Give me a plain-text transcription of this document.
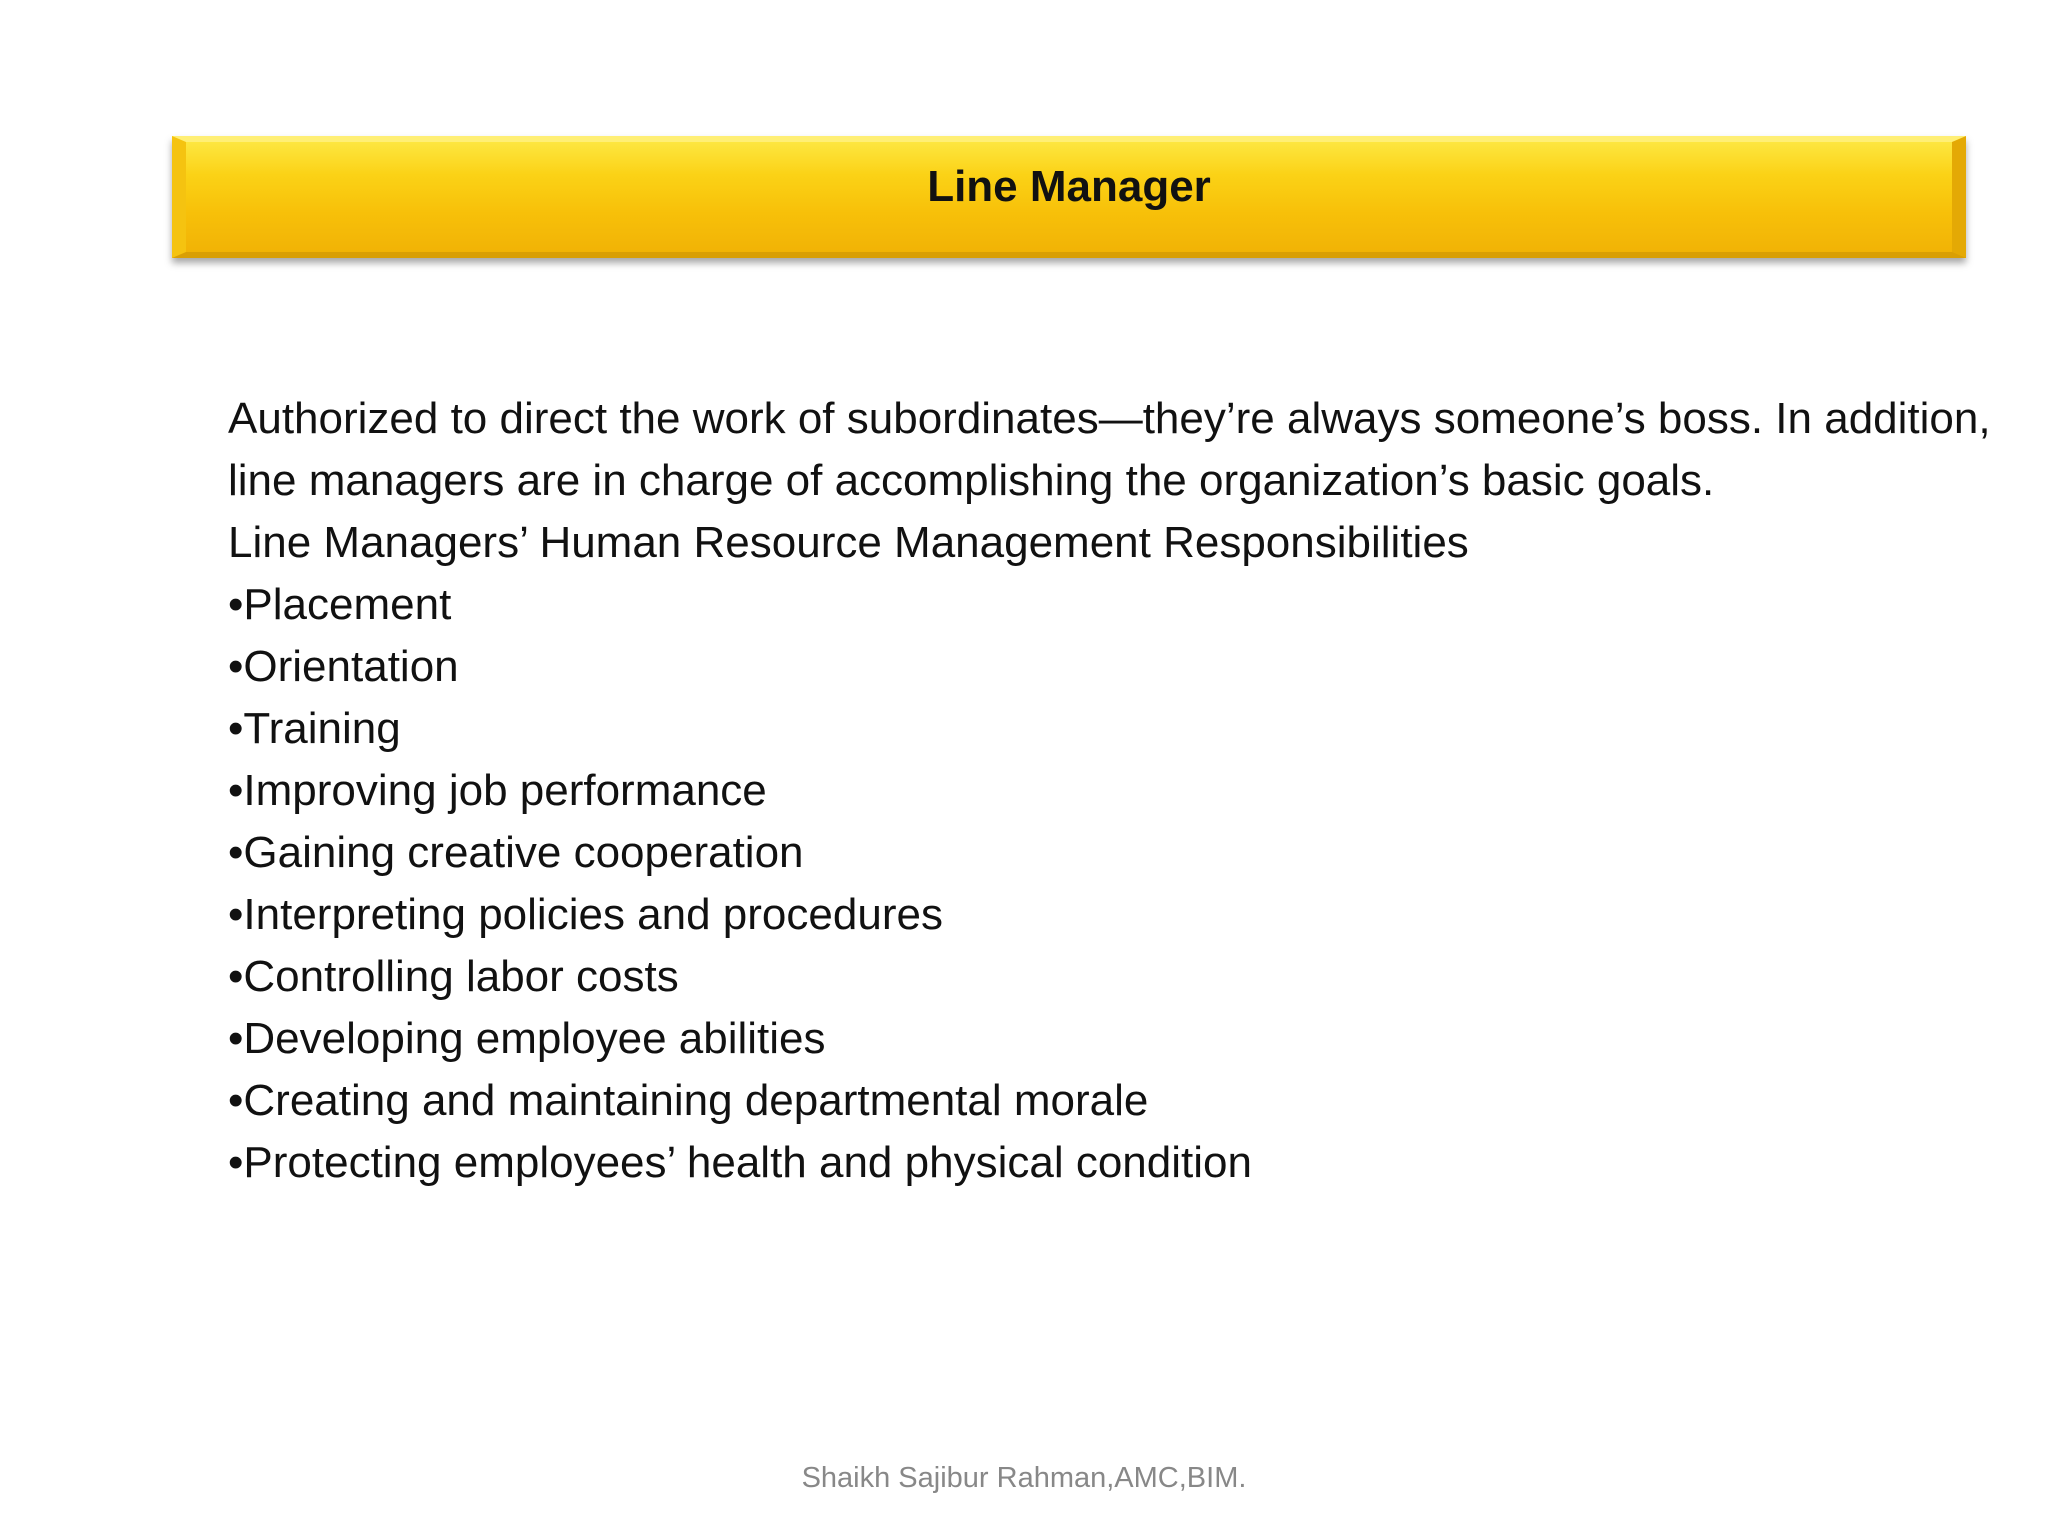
Line Manager

Authorized to direct the work of subordinates—they’re always someone’s boss. In addition, line managers are in charge of accomplishing the organization’s basic goals.

Line Managers’ Human Resource Management Responsibilities

•Placement
•Orientation
•Training
•Improving job performance
•Gaining creative cooperation
•Interpreting policies and procedures
•Controlling labor costs
•Developing employee abilities
•Creating and maintaining departmental morale
•Protecting employees’ health and physical condition
Shaikh Sajibur Rahman,AMC,BIM.
